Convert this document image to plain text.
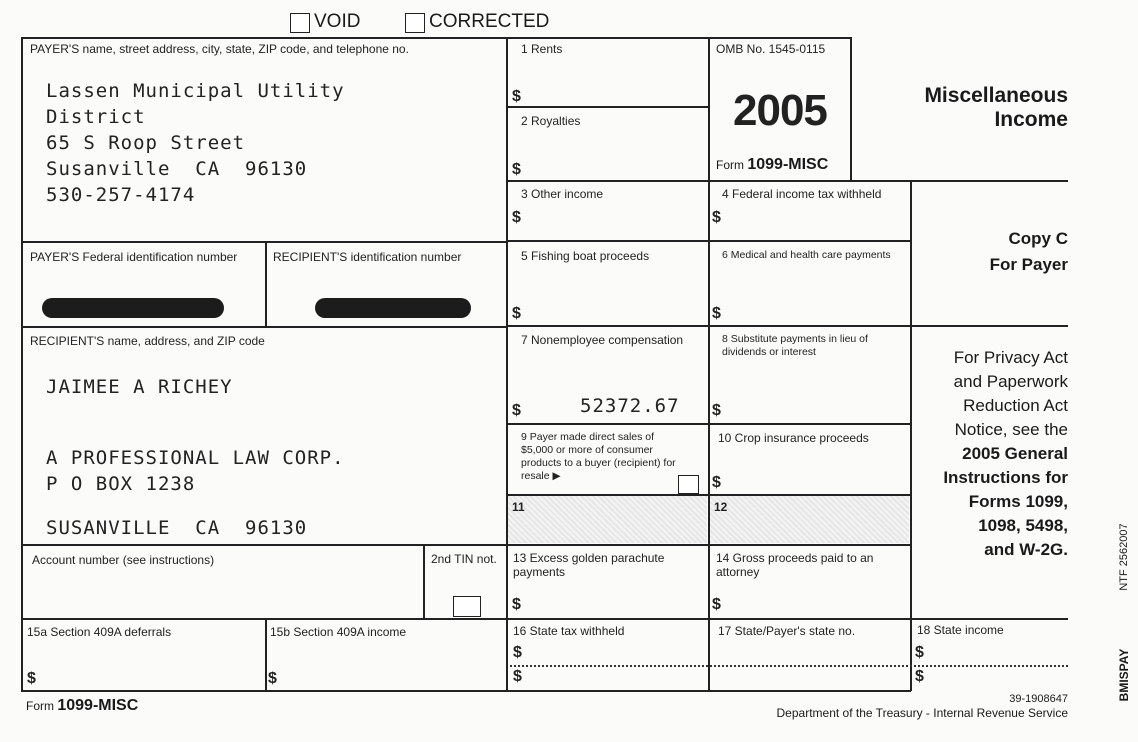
VOID	CORRECTED
PAYER'S name, street address, city, state, ZIP code, and telephone no.
Lassen Municipal Utility
District
65 S Roop Street
Susanville  CA  96130
530-257-4174
PAYER'S Federal identification number	RECIPIENT'S identification number
RECIPIENT'S name, address, and ZIP code
JAIMEE A RICHEY
A PROFESSIONAL LAW CORP.
P O BOX 1238
SUSANVILLE  CA  96130
Account number (see instructions)	2nd TIN not.
1 Rents
$
2 Royalties
$
OMB No. 1545-0115
2005
Form 1099-MISC
Miscellaneous
Income
3 Other income
$
4 Federal income tax withheld
$
Copy C
For Payer
5 Fishing boat proceeds
$
6 Medical and health care payments
$
7 Nonemployee compensation
$	52372.67
8 Substitute payments in lieu of dividends or interest
$
For Privacy Act
and Paperwork
Reduction Act
Notice, see the
2005 General
Instructions for
Forms 1099,
1098, 5498,
and W-2G.
9 Payer made direct sales of $5,000 or more of consumer products to a buyer (recipient) for resale ▶
10 Crop insurance proceeds
$
11	12
13 Excess golden parachute payments
$
14 Gross proceeds paid to an attorney
$
15a Section 409A deferrals
$
15b Section 409A income
$
16 State tax withheld
$
$
17 State/Payer's state no.	18 State income
$
$
Form 1099-MISC	39-1908647
Department of the Treasury - Internal Revenue Service
NTF 2562007
BMISPAY
